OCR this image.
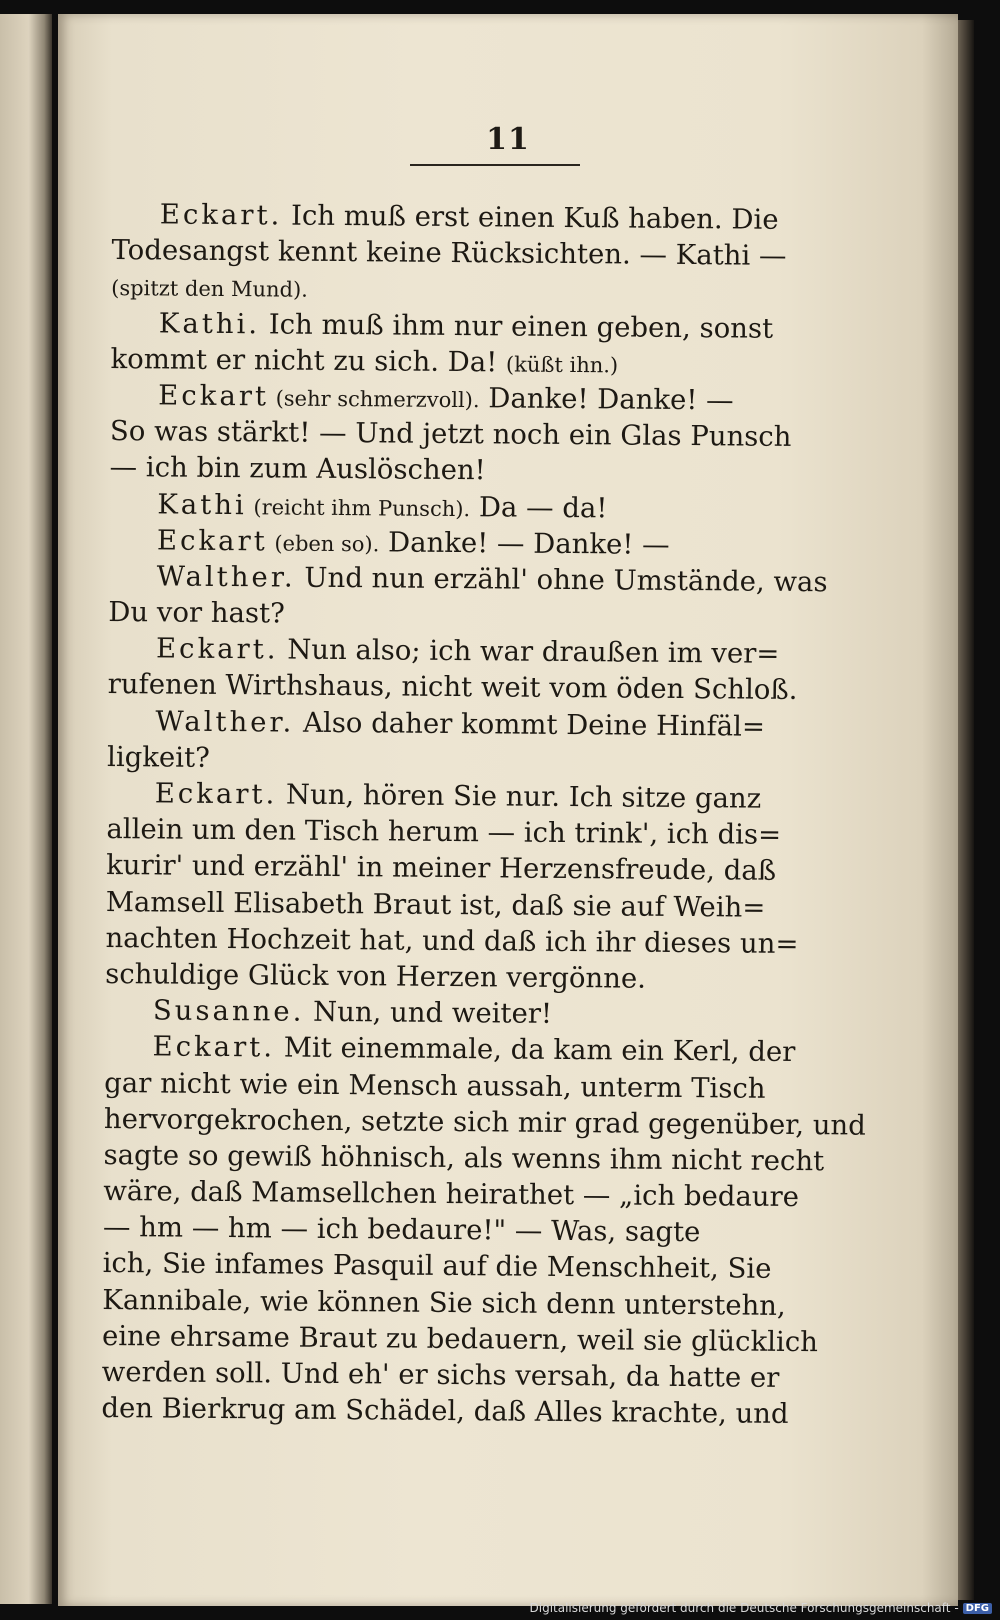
11
Eckart. Ich muß erst einen Kuß haben. Die
Todesangst kennt keine Rücksichten. — Kathi —
(spitzt den Mund).
Kathi. Ich muß ihm nur einen geben, sonst
kommt er nicht zu sich. Da! (küßt ihn.)
Eckart (sehr schmerzvoll). Danke! Danke! —
So was stärkt! — Und jetzt noch ein Glas Punsch
— ich bin zum Auslöschen!
Kathi (reicht ihm Punsch). Da — da!
Eckart (eben so). Danke! — Danke! —
Walther. Und nun erzähl' ohne Umstände, was
Du vor hast?
Eckart. Nun also; ich war draußen im ver=
rufenen Wirthshaus, nicht weit vom öden Schloß.
Walther. Also daher kommt Deine Hinfäl=
ligkeit?
Eckart. Nun, hören Sie nur. Ich sitze ganz
allein um den Tisch herum — ich trink', ich dis=
kurir' und erzähl' in meiner Herzensfreude, daß
Mamsell Elisabeth Braut ist, daß sie auf Weih=
nachten Hochzeit hat, und daß ich ihr dieses un=
schuldige Glück von Herzen vergönne.
Susanne. Nun, und weiter!
Eckart. Mit einemmale, da kam ein Kerl, der
gar nicht wie ein Mensch aussah, unterm Tisch
hervorgekrochen, setzte sich mir grad gegenüber, und
sagte so gewiß höhnisch, als wenns ihm nicht recht
wäre, daß Mamsellchen heirathet — „ich bedaure
— hm — hm — ich bedaure!" — Was, sagte
ich, Sie infames Pasquil auf die Menschheit, Sie
Kannibale, wie können Sie sich denn unterstehn,
eine ehrsame Braut zu bedauern, weil sie glücklich
werden soll. Und eh' er sichs versah, da hatte er
den Bierkrug am Schädel, daß Alles krachte, und
Digitalisierung gefördert durch die Deutsche Forschungsgemeinschaft - DFG
